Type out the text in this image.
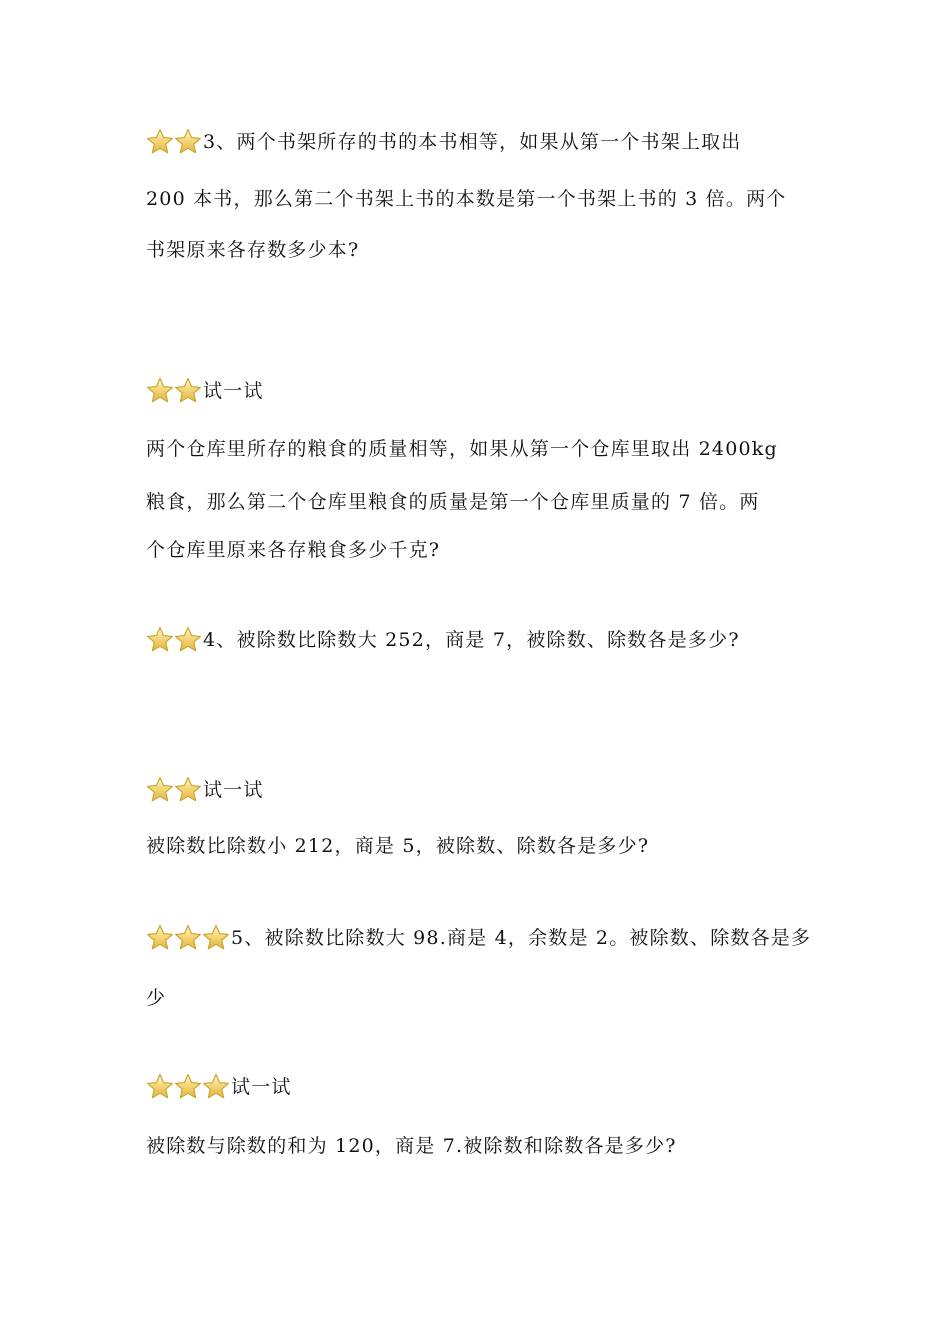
3、两个书架所存的书的本书相等，如果从第一个书架上取出
200 本书，那么第二个书架上书的本数是第一个书架上书的 3 倍。两个
书架原来各存数多少本?
试一试
两个仓库里所存的粮食的质量相等，如果从第一个仓库里取出 2400kg
粮食，那么第二个仓库里粮食的质量是第一个仓库里质量的 7 倍。两
个仓库里原来各存粮食多少千克?
4、被除数比除数大 252，商是 7，被除数、除数各是多少?
试一试
被除数比除数小 212，商是 5，被除数、除数各是多少?
5、被除数比除数大 98.商是 4，余数是 2。被除数、除数各是多
少
试一试
被除数与除数的和为 120，商是 7.被除数和除数各是多少?
